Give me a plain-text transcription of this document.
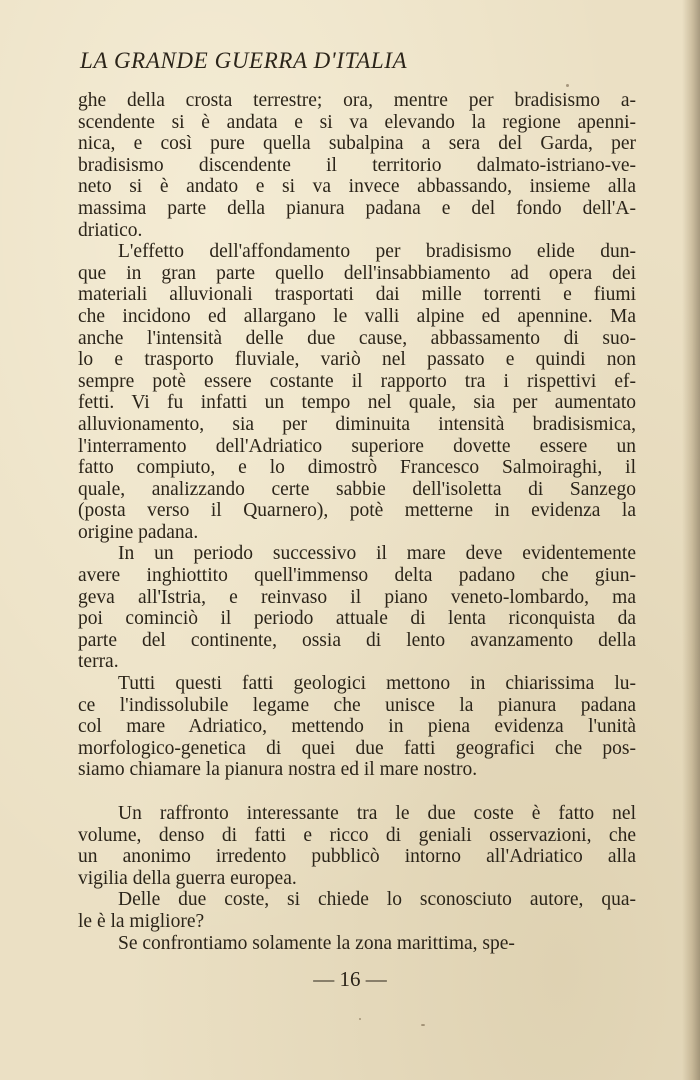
LA GRANDE GUERRA D'ITALIA

ghe della crosta terrestre; ora, mentre per bradisismo a-
scendente si è andata e si va elevando la regione apenni-
nica, e così pure quella subalpina a sera del Garda, per
bradisismo discendente il territorio dalmato-istriano-ve-
neto si è andato e si va invece abbassando, insieme alla
massima parte della pianura padana e del fondo dell'A-
driatico.

L'effetto dell'affondamento per bradisismo elide dun-
que in gran parte quello dell'insabbiamento ad opera dei
materiali alluvionali trasportati dai mille torrenti e fiumi
che incidono ed allargano le valli alpine ed apennine. Ma
anche l'intensità delle due cause, abbassamento di suo-
lo e trasporto fluviale, variò nel passato e quindi non
sempre potè essere costante il rapporto tra i rispettivi ef-
fetti. Vi fu infatti un tempo nel quale, sia per aumentato
alluvionamento, sia per diminuita intensità bradisismica,
l'interramento dell'Adriatico superiore dovette essere un
fatto compiuto, e lo dimostrò Francesco Salmoiraghi, il
quale, analizzando certe sabbie dell'isoletta di Sanzego
(posta verso il Quarnero), potè metterne in evidenza la
origine padana.

In un periodo successivo il mare deve evidentemente
avere inghiottito quell'immenso delta padano che giun-
geva all'Istria, e reinvaso il piano veneto-lombardo, ma
poi cominciò il periodo attuale di lenta riconquista da
parte del continente, ossia di lento avanzamento della
terra.

Tutti questi fatti geologici mettono in chiarissima lu-
ce l'indissolubile legame che unisce la pianura padana
col mare Adriatico, mettendo in piena evidenza l'unità
morfologico-genetica di quei due fatti geografici che pos-
siamo chiamare la pianura nostra ed il mare nostro.

Un raffronto interessante tra le due coste è fatto nel
volume, denso di fatti e ricco di geniali osservazioni, che
un anonimo irredento pubblicò intorno all'Adriatico alla
vigilia della guerra europea.

Delle due coste, si chiede lo sconosciuto autore, qua-
le è la migliore?

Se confrontiamo solamente la zona marittima, spe-

— 16 —
